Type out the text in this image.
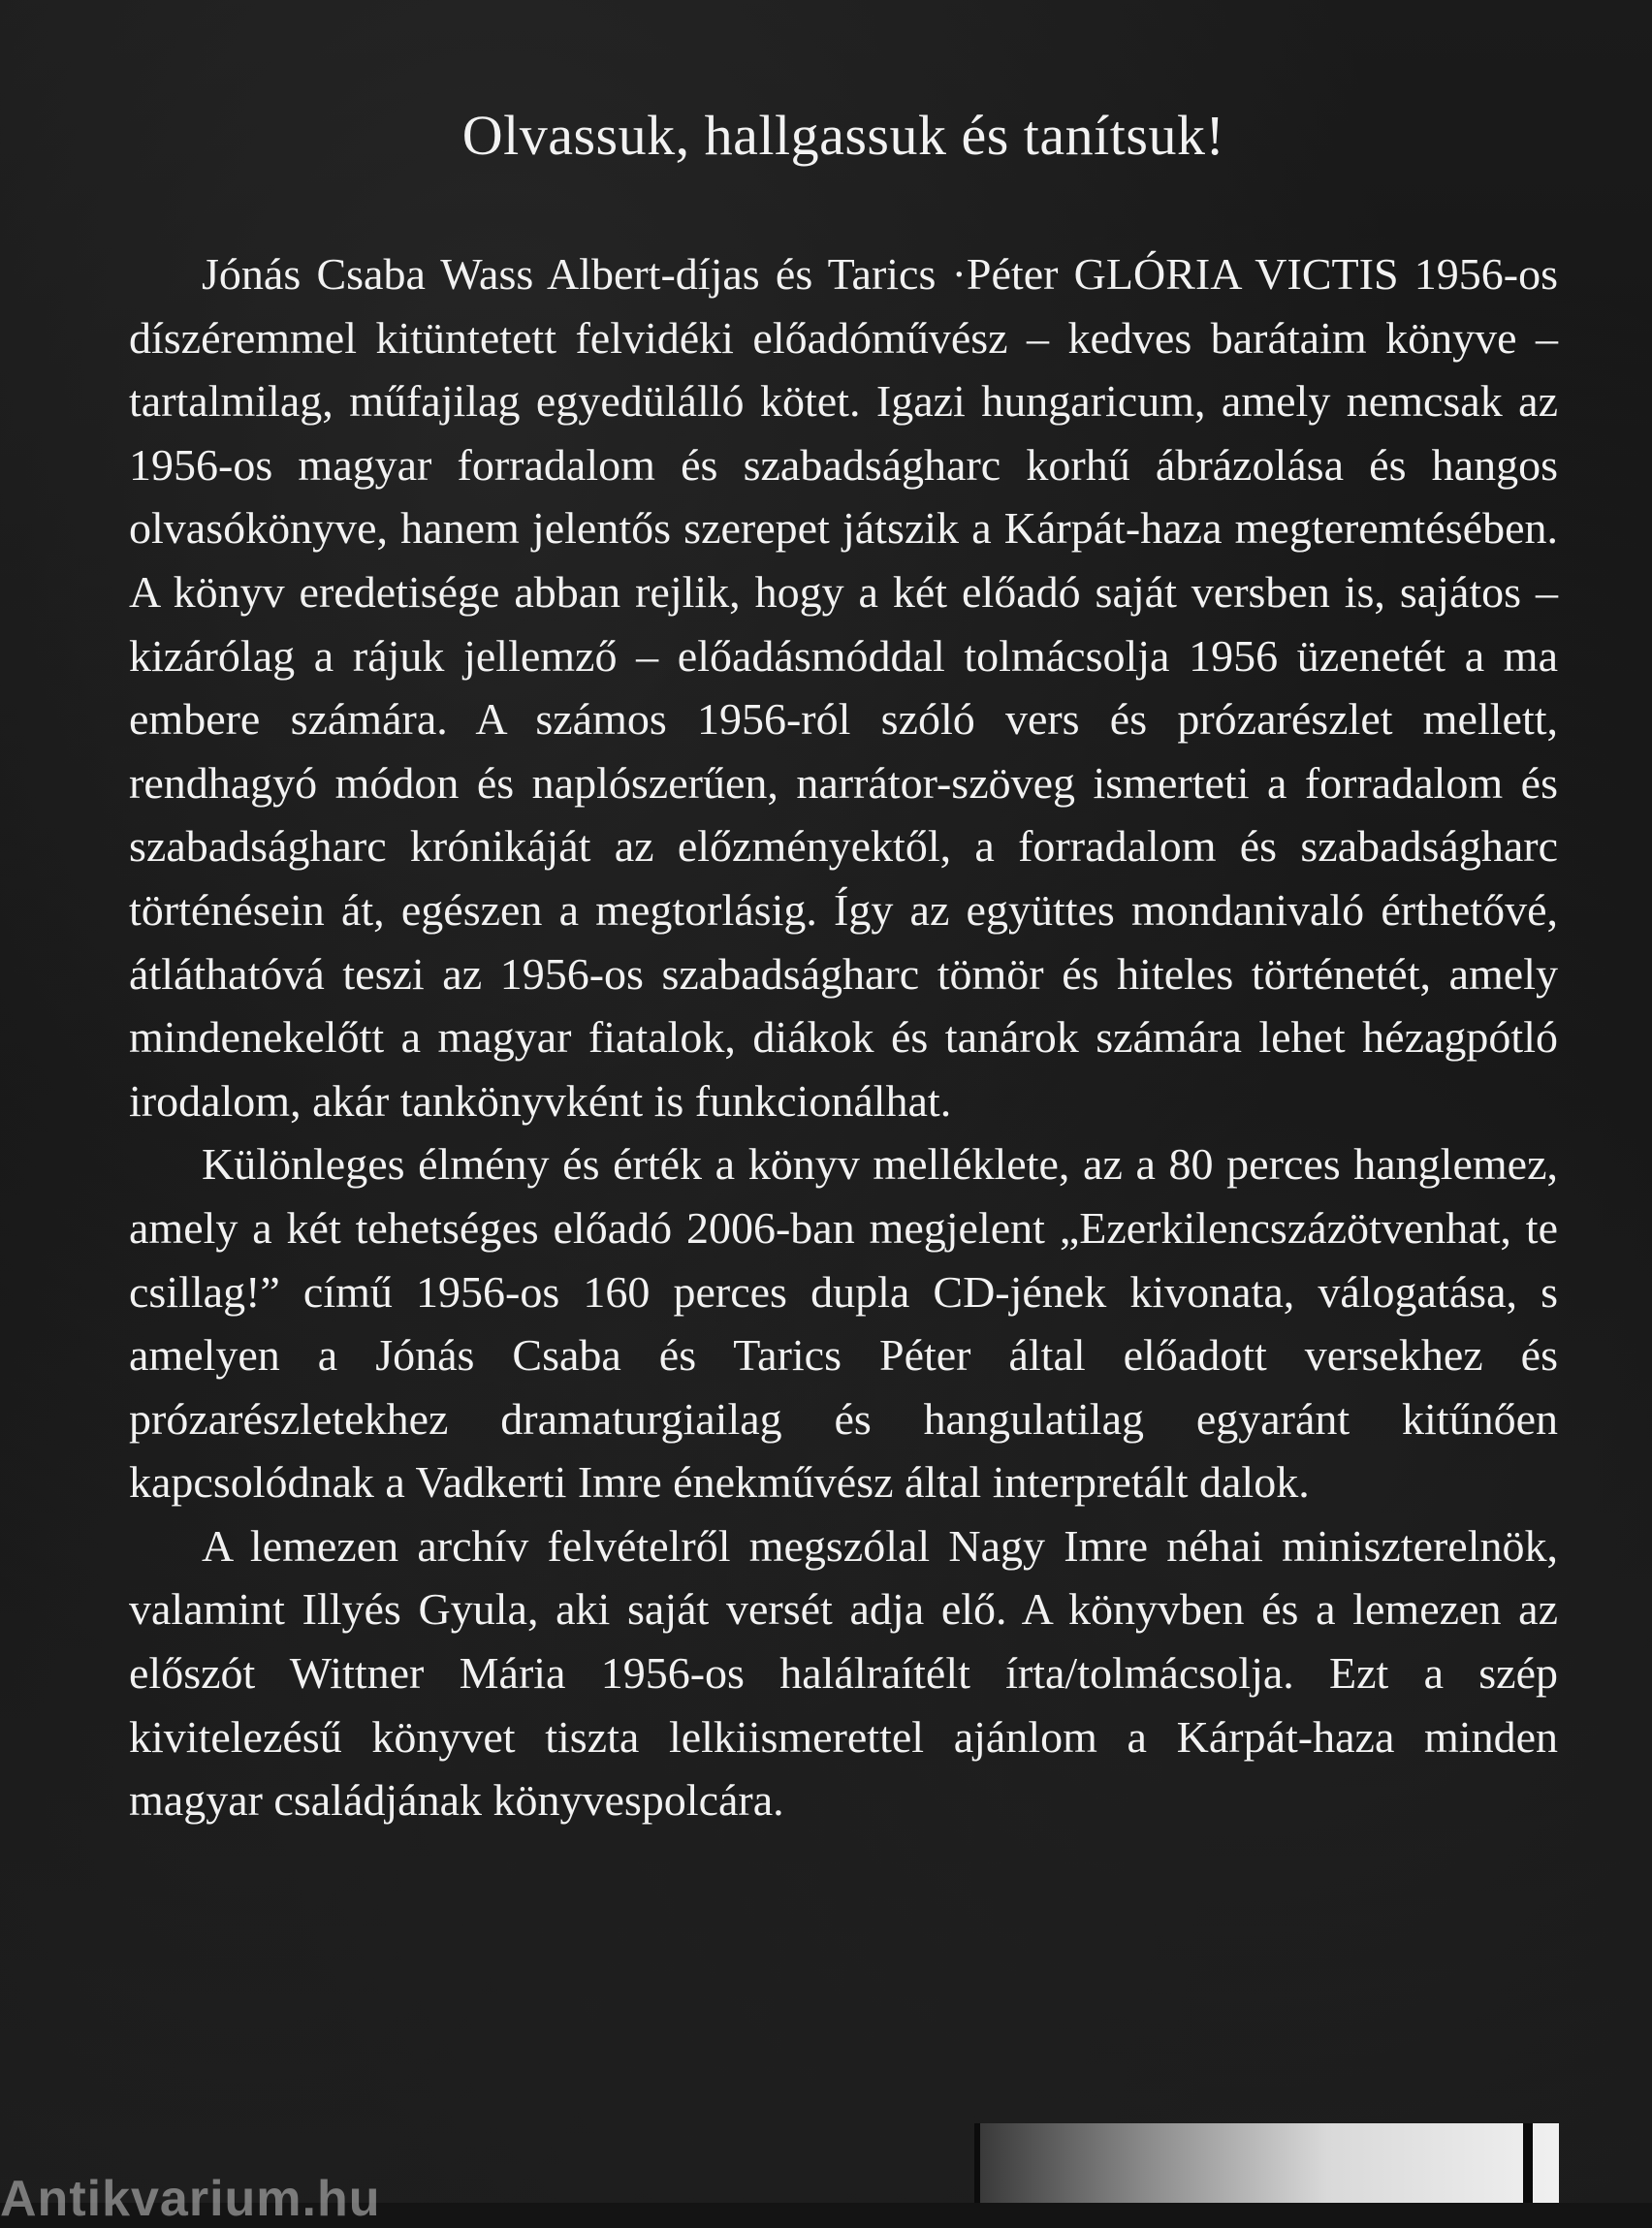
Olvassuk, hallgassuk és tanítsuk!

Jónás Csaba Wass Albert-díjas és Tarics ·Péter GLÓRIA VICTIS 1956-os díszéremmel kitüntetett felvidéki előadóművész – kedves barátaim könyve – tartalmilag, műfajilag egyedülálló kötet. Igazi hungaricum, amely nemcsak az 1956-os magyar forradalom és szabadságharc korhű ábrázolása és hangos olvasókönyve, hanem jelentős szerepet játszik a Kárpát-haza megteremtésében. A könyv eredetisége abban rejlik, hogy a két előadó saját versben is, sajátos – kizárólag a rájuk jellemző – előadásmóddal tolmácsolja 1956 üzenetét a ma embere számára. A számos 1956-ról szóló vers és prózarészlet mellett, rendhagyó módon és naplószerűen, narrátor-szöveg ismerteti a forradalom és szabadságharc krónikáját az előzményektől, a forradalom és szabadságharc történésein át, egészen a megtorlásig. Így az együttes mondanivaló érthetővé, átláthatóvá teszi az 1956-os szabadságharc tömör és hiteles történetét, amely mindenekelőtt a magyar fiatalok, diákok és tanárok számára lehet hézagpótló irodalom, akár tankönyvként is funkcionálhat.

Különleges élmény és érték a könyv melléklete, az a 80 perces hanglemez, amely a két tehetséges előadó 2006-ban megjelent „Ezerkilencszázötvenhat, te csillag!” című 1956-os 160 perces dupla CD-jének kivonata, válogatása, s amelyen a Jónás Csaba és Tarics Péter által előadott versekhez és prózarészletekhez dramaturgiailag és hangulatilag egyaránt kitűnően kapcsolódnak a Vadkerti Imre énekművész által interpretált dalok.

A lemezen archív felvételről megszólal Nagy Imre néhai miniszterelnök, valamint Illyés Gyula, aki saját versét adja elő. A könyvben és a lemezen az előszót Wittner Mária 1956-os halálraítélt írta/tolmácsolja. Ezt a szép kivitelezésű könyvet tiszta lelkiismerettel ajánlom a Kárpát-haza minden magyar családjának könyvespolcára.

Antikvarium.hu
